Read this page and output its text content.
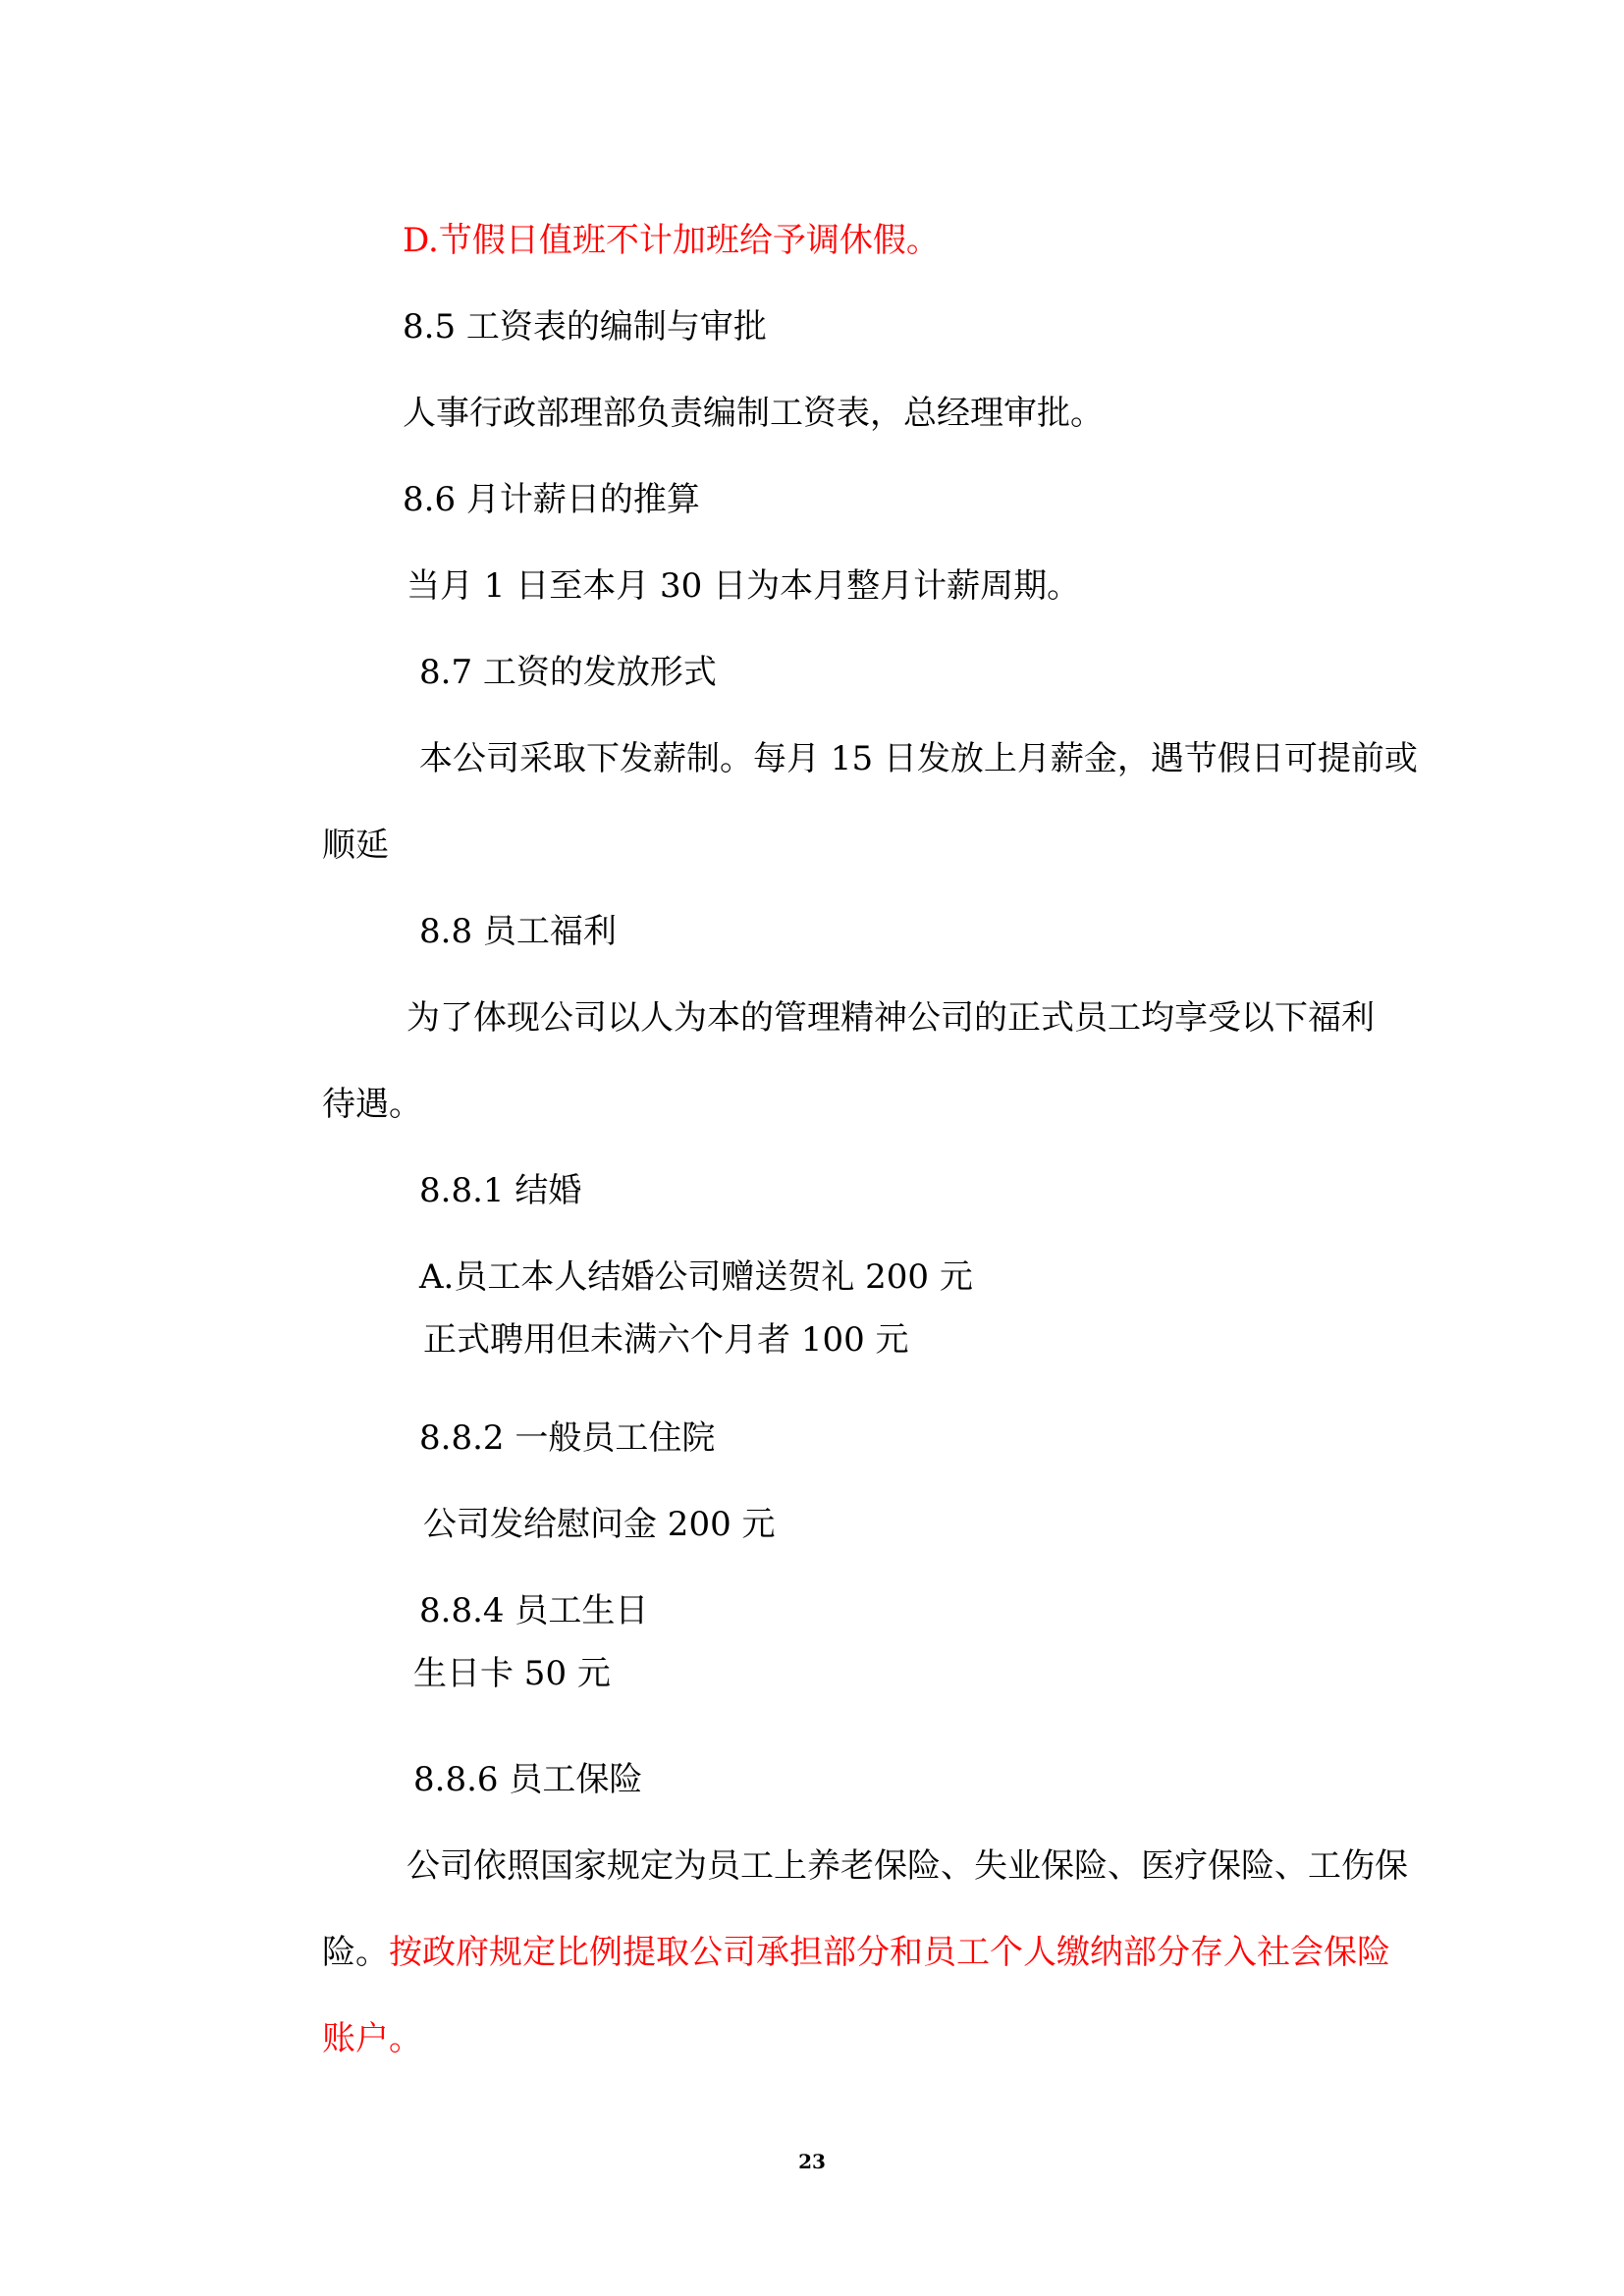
D.节假日值班不计加班给予调休假。

8.5 工资表的编制与审批

人事行政部理部负责编制工资表，总经理审批。

8.6 月计薪日的推算

当月 1 日至本月 30 日为本月整月计薪周期。

8.7 工资的发放形式

本公司采取下发薪制。每月 15 日发放上月薪金，遇节假日可提前或

顺延

8.8 员工福利

为了体现公司以人为本的管理精神公司的正式员工均享受以下福利

待遇。

8.8.1 结婚

A.员工本人结婚公司赠送贺礼 200 元

正式聘用但未满六个月者 100 元

8.8.2 一般员工住院

公司发给慰问金 200 元

8.8.4 员工生日

生日卡 50 元

8.8.6 员工保险

公司依照国家规定为员工上养老保险、失业保险、医疗保险、工伤保

险。按政府规定比例提取公司承担部分和员工个人缴纳部分存入社会保险

账户。

23
